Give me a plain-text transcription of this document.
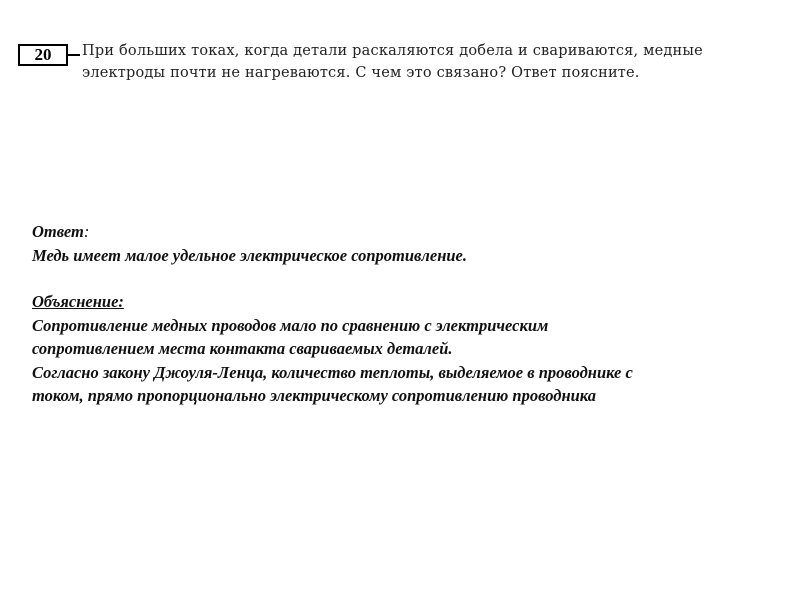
20	При больших токах, когда детали раскаляются добела и свариваются, медные
электроды почти не нагреваются. С чем это связано? Ответ поясните.
Ответ:
Медь имеет малое удельное электрическое сопротивление.
Объяснение:
Сопротивление медных проводов мало по сравнению с электрическим
сопротивлением места контакта свариваемых деталей.
Согласно закону Джоуля-Ленца, количество теплоты, выделяемое в проводнике с
током, прямо пропорционально электрическому сопротивлению проводника
